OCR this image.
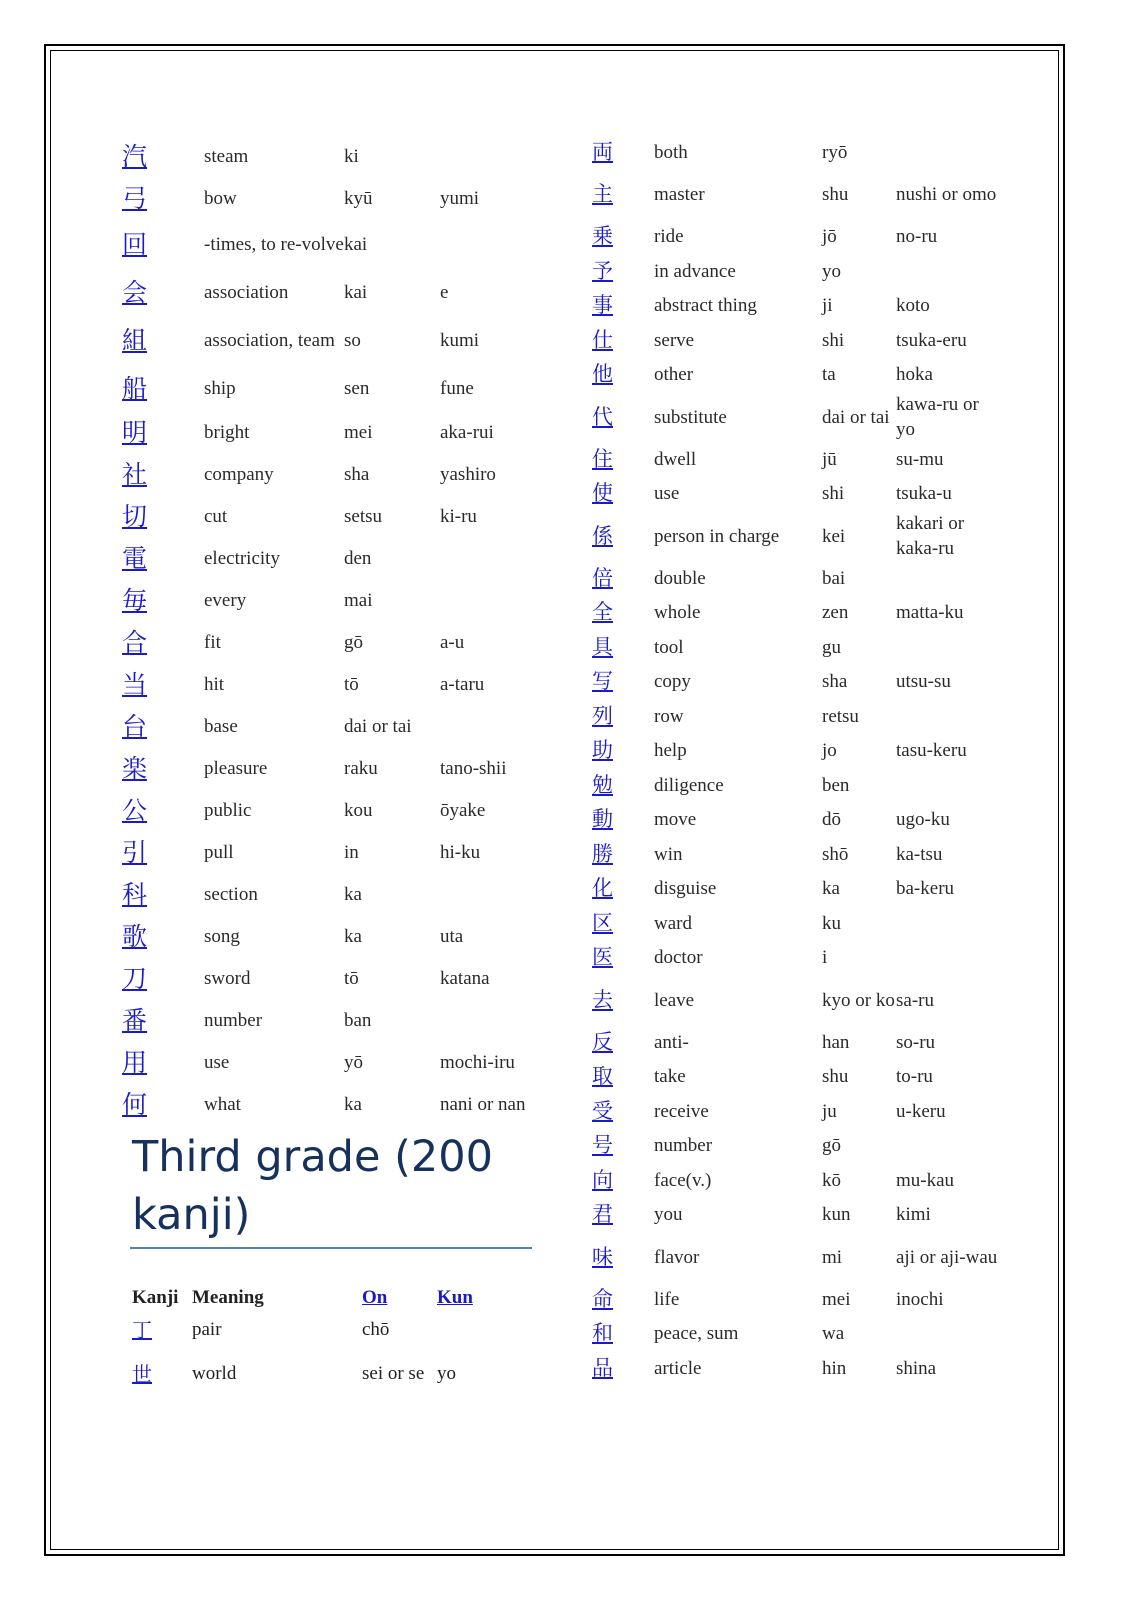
汽	steam	ki	
弓	bow	kyū	yumi
回	-times, to re-volve	kai	
会	association	kai	e
組	association, team	so	kumi
船	ship	sen	fune
明	bright	mei	aka-rui
社	company	sha	yashiro
切	cut	setsu	ki-ru
電	electricity	den	
毎	every	mai	
合	fit	gō	a-u
当	hit	tō	a-taru
台	base	dai or tai	
楽	pleasure	raku	tano-shii
公	public	kou	ōyake
引	pull	in	hi-ku
科	section	ka	
歌	song	ka	uta
刀	sword	tō	katana
番	number	ban	
用	use	yō	mochi-iru
何	what	ka	nani or nan
Third grade (200 kanji)
Kanji	Meaning	On	Kun
丁	pair	chō	
世	world	sei or se	yo
両	both	ryō	
主	master	shu	nushi or omo
乗	ride	jō	no-ru
予	in advance	yo	
事	abstract thing	ji	koto
仕	serve	shi	tsuka-eru
他	other	ta	hoka
代	substitute	dai or tai	kawa-ru or yo
住	dwell	jū	su-mu
使	use	shi	tsuka-u
係	person in charge	kei	kakari or kaka-ru
倍	double	bai	
全	whole	zen	matta-ku
具	tool	gu	
写	copy	sha	utsu-su
列	row	retsu	
助	help	jo	tasu-keru
勉	diligence	ben	
動	move	dō	ugo-ku
勝	win	shō	ka-tsu
化	disguise	ka	ba-keru
区	ward	ku	
医	doctor	i	
去	leave	kyo or ko	sa-ru
反	anti-	han	so-ru
取	take	shu	to-ru
受	receive	ju	u-keru
号	number	gō	
向	face(v.)	kō	mu-kau
君	you	kun	kimi
味	flavor	mi	aji or aji-wau
命	life	mei	inochi
和	peace, sum	wa	
品	article	hin	shina
